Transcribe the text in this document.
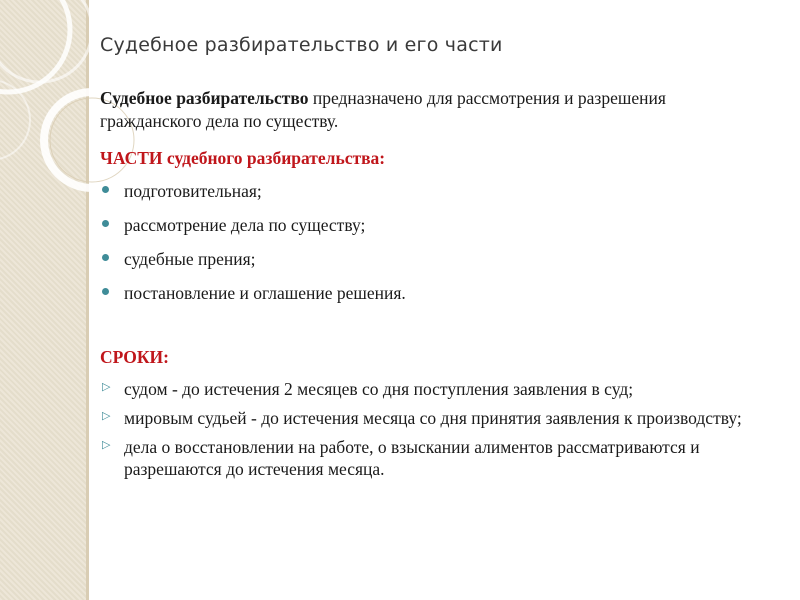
Судебное разбирательство и его части
Судебное разбирательство предназначено для рассмотрения и разрешения гражданского дела по существу.
ЧАСТИ судебного разбирательства:
подготовительная;
рассмотрение дела по существу;
судебные прения;
постановление и оглашение решения.
СРОКИ:
▷ судом - до истечения 2 месяцев со дня поступления заявления в суд;
▷ мировым судьей - до истечения месяца со дня принятия заявления к производству;
▷ дела о восстановлении на работе, о взыскании алиментов рассматриваются и разрешаются до истечения месяца.
